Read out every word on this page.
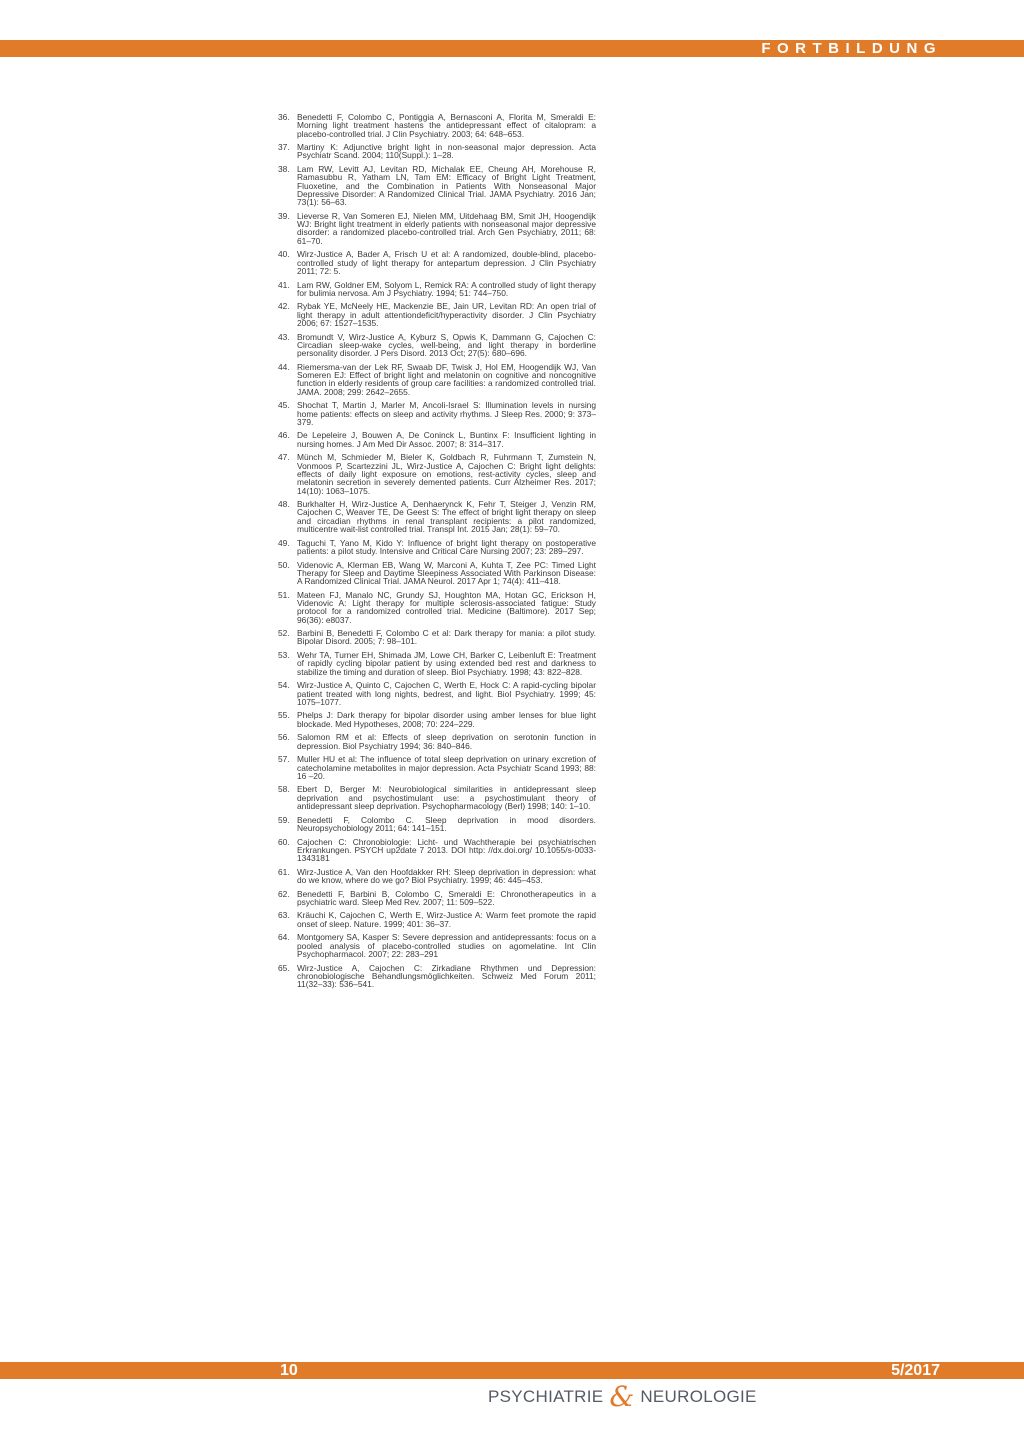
FORTBILDUNG
36. Benedetti F, Colombo C, Pontiggia A, Bernasconi A, Florita M, Smeraldi E: Morning light treatment hastens the antidepressant effect of citalopram: a placebo-controlled trial. J Clin Psychiatry. 2003; 64: 648–653.
37. Martiny K: Adjunctive bright light in non-seasonal major depression. Acta Psychiatr Scand. 2004; 110(Suppl.): 1–28.
38. Lam RW, Levitt AJ, Levitan RD, Michalak EE, Cheung AH, Morehouse R, Ramasubbu R, Yatham LN, Tam EM: Efficacy of Bright Light Treatment, Fluoxetine, and the Combination in Patients With Nonseasonal Major Depressive Disorder: A Randomized Clinical Trial. JAMA Psychiatry. 2016 Jan; 73(1): 56–63.
39. Lieverse R, Van Someren EJ, Nielen MM, Uitdehaag BM, Smit JH, Hoogendijk WJ: Bright light treatment in elderly patients with nonseasonal major depressive disorder: a randomized placebo-controlled trial. Arch Gen Psychiatry, 2011; 68: 61–70.
40. Wirz-Justice A, Bader A, Frisch U et al: A randomized, double-blind, placebo-controlled study of light therapy for antepartum depression. J Clin Psychiatry 2011; 72: 5.
41. Lam RW, Goldner EM, Solyom L, Remick RA: A controlled study of light therapy for bulimia nervosa. Am J Psychiatry. 1994; 51: 744–750.
42. Rybak YE, McNeely HE, Mackenzie BE, Jain UR, Levitan RD: An open trial of light therapy in adult attentiondeficit/hyperactivity disorder. J Clin Psychiatry 2006; 67: 1527–1535.
43. Bromundt V, Wirz-Justice A, Kyburz S, Opwis K, Dammann G, Cajochen C: Circadian sleep-wake cycles, well-being, and light therapy in borderline personality disorder. J Pers Disord. 2013 Oct; 27(5): 680–696.
44. Riemersma-van der Lek RF, Swaab DF, Twisk J, Hol EM, Hoogendijk WJ, Van Someren EJ: Effect of bright light and melatonin on cognitive and noncognitive function in elderly residents of group care facilities: a randomized controlled trial. JAMA. 2008; 299: 2642–2655.
45. Shochat T, Martin J, Marler M, Ancoli-Israel S: Illumination levels in nursing home patients: effects on sleep and activity rhythms. J Sleep Res. 2000; 9: 373–379.
46. De Lepeleire J, Bouwen A, De Coninck L, Buntinx F: Insufficient lighting in nursing homes. J Am Med Dir Assoc. 2007; 8: 314–317.
47. Münch M, Schmieder M, Bieler K, Goldbach R, Fuhrmann T, Zumstein N, Vonmoos P, Scartezzini JL, Wirz-Justice A, Cajochen C: Bright light delights: effects of daily light exposure on emotions, rest-activity cycles, sleep and melatonin secretion in severely demented patients. Curr Alzheimer Res. 2017; 14(10): 1063–1075.
48. Burkhalter H, Wirz-Justice A, Denhaerynck K, Fehr T, Steiger J, Venzin RM, Cajochen C, Weaver TE, De Geest S: The effect of bright light therapy on sleep and circadian rhythms in renal transplant recipients: a pilot randomized, multicentre wait-list controlled trial. Transpl Int. 2015 Jan; 28(1): 59–70.
49. Taguchi T, Yano M, Kido Y: Influence of bright light therapy on postoperative patients: a pilot study. Intensive and Critical Care Nursing 2007; 23: 289–297.
50. Videnovic A, Klerman EB, Wang W, Marconi A, Kuhta T, Zee PC: Timed Light Therapy for Sleep and Daytime Sleepiness Associated With Parkinson Disease: A Randomized Clinical Trial. JAMA Neurol. 2017 Apr 1; 74(4): 411–418.
51. Mateen FJ, Manalo NC, Grundy SJ, Houghton MA, Hotan GC, Erickson H, Videnovic A: Light therapy for multiple sclerosis-associated fatigue: Study protocol for a randomized controlled trial. Medicine (Baltimore). 2017 Sep; 96(36): e8037.
52. Barbini B, Benedetti F, Colombo C et al: Dark therapy for mania: a pilot study. Bipolar Disord. 2005; 7: 98–101.
53. Wehr TA, Turner EH, Shimada JM, Lowe CH, Barker C, Leibenluft E: Treatment of rapidly cycling bipolar patient by using extended bed rest and darkness to stabilize the timing and duration of sleep. Biol Psychiatry. 1998; 43: 822–828.
54. Wirz-Justice A, Quinto C, Cajochen C, Werth E, Hock C: A rapid-cycling bipolar patient treated with long nights, bedrest, and light. Biol Psychiatry. 1999; 45: 1075–1077.
55. Phelps J: Dark therapy for bipolar disorder using amber lenses for blue light blockade. Med Hypotheses, 2008; 70: 224–229.
56. Salomon RM et al: Effects of sleep deprivation on serotonin function in depression. Biol Psychiatry 1994; 36: 840–846.
57. Muller HU et al: The influence of total sleep deprivation on urinary excretion of catecholamine metabolites in major depression. Acta Psychiatr Scand 1993; 88: 16 –20.
58. Ebert D, Berger M: Neurobiological similarities in antidepressant sleep deprivation and psychostimulant use: a psychostimulant theory of antidepressant sleep deprivation. Psychopharmacology (Berl) 1998; 140: 1–10.
59. Benedetti F, Colombo C. Sleep deprivation in mood disorders. Neuropsychobiology 2011; 64: 141–151.
60. Cajochen C: Chronobiologie: Licht- und Wachtherapie bei psychiatrischen Erkrankungen. PSYCH up2date 7 2013. DOI http: //dx.doi.org/ 10.1055/s-0033-1343181
61. Wirz-Justice A, Van den Hoofdakker RH: Sleep deprivation in depression: what do we know, where do we go? Biol Psychiatry. 1999; 46: 445–453.
62. Benedetti F, Barbini B, Colombo C, Smeraldi E: Chronotherapeutics in a psychiatric ward. Sleep Med Rev. 2007; 11: 509–522.
63. Kräuchi K, Cajochen C, Werth E, Wirz-Justice A: Warm feet promote the rapid onset of sleep. Nature. 1999; 401: 36–37.
64. Montgomery SA, Kasper S: Severe depression and antidepressants: focus on a pooled analysis of placebo-controlled studies on agomelatine. Int Clin Psychopharmacol. 2007; 22: 283–291
65. Wirz-Justice A, Cajochen C: Zirkadiane Rhythmen und Depression: chronobiologische Behandlungsmöglichkeiten. Schweiz Med Forum 2011; 11(32–33): 536–541.
10	5/2017
PSYCHIATRIE & NEUROLOGIE
